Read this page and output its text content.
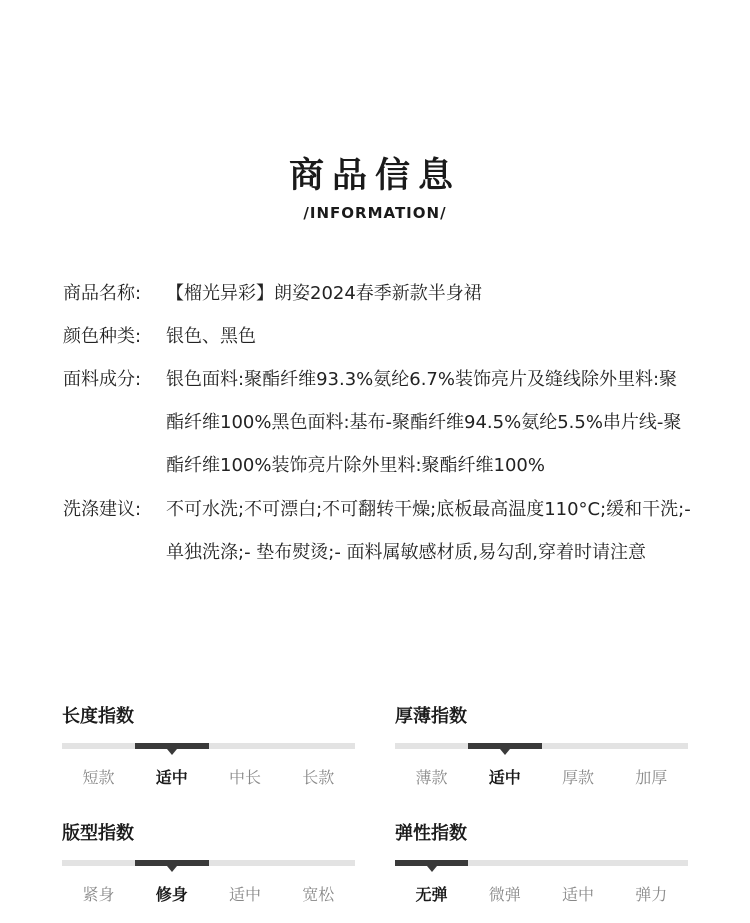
商品信息
/INFORMATION/
商品名称: 【榴光异彩】朗姿2024春季新款半身裙
颜色种类: 银色、黑色
面料成分: 银色面料:聚酯纤维93.3%氨纶6.7%装饰亮片及缝线除外里料:聚酯纤维100%黑色面料:基布-聚酯纤维94.5%氨纶5.5%串片线-聚酯纤维100%装饰亮片除外里料:聚酯纤维100%
洗涤建议: 不可水洗;不可漂白;不可翻转干燥;底板最高温度110°C;缓和干洗;- 单独洗涤;- 垫布熨烫;- 面料属敏感材质,易勾刮,穿着时请注意
长度指数
短款	适中	中长	长款
厚薄指数
薄款	适中	厚款	加厚
版型指数
紧身	修身	适中	宽松
弹性指数
无弹	微弹	适中	弹力
